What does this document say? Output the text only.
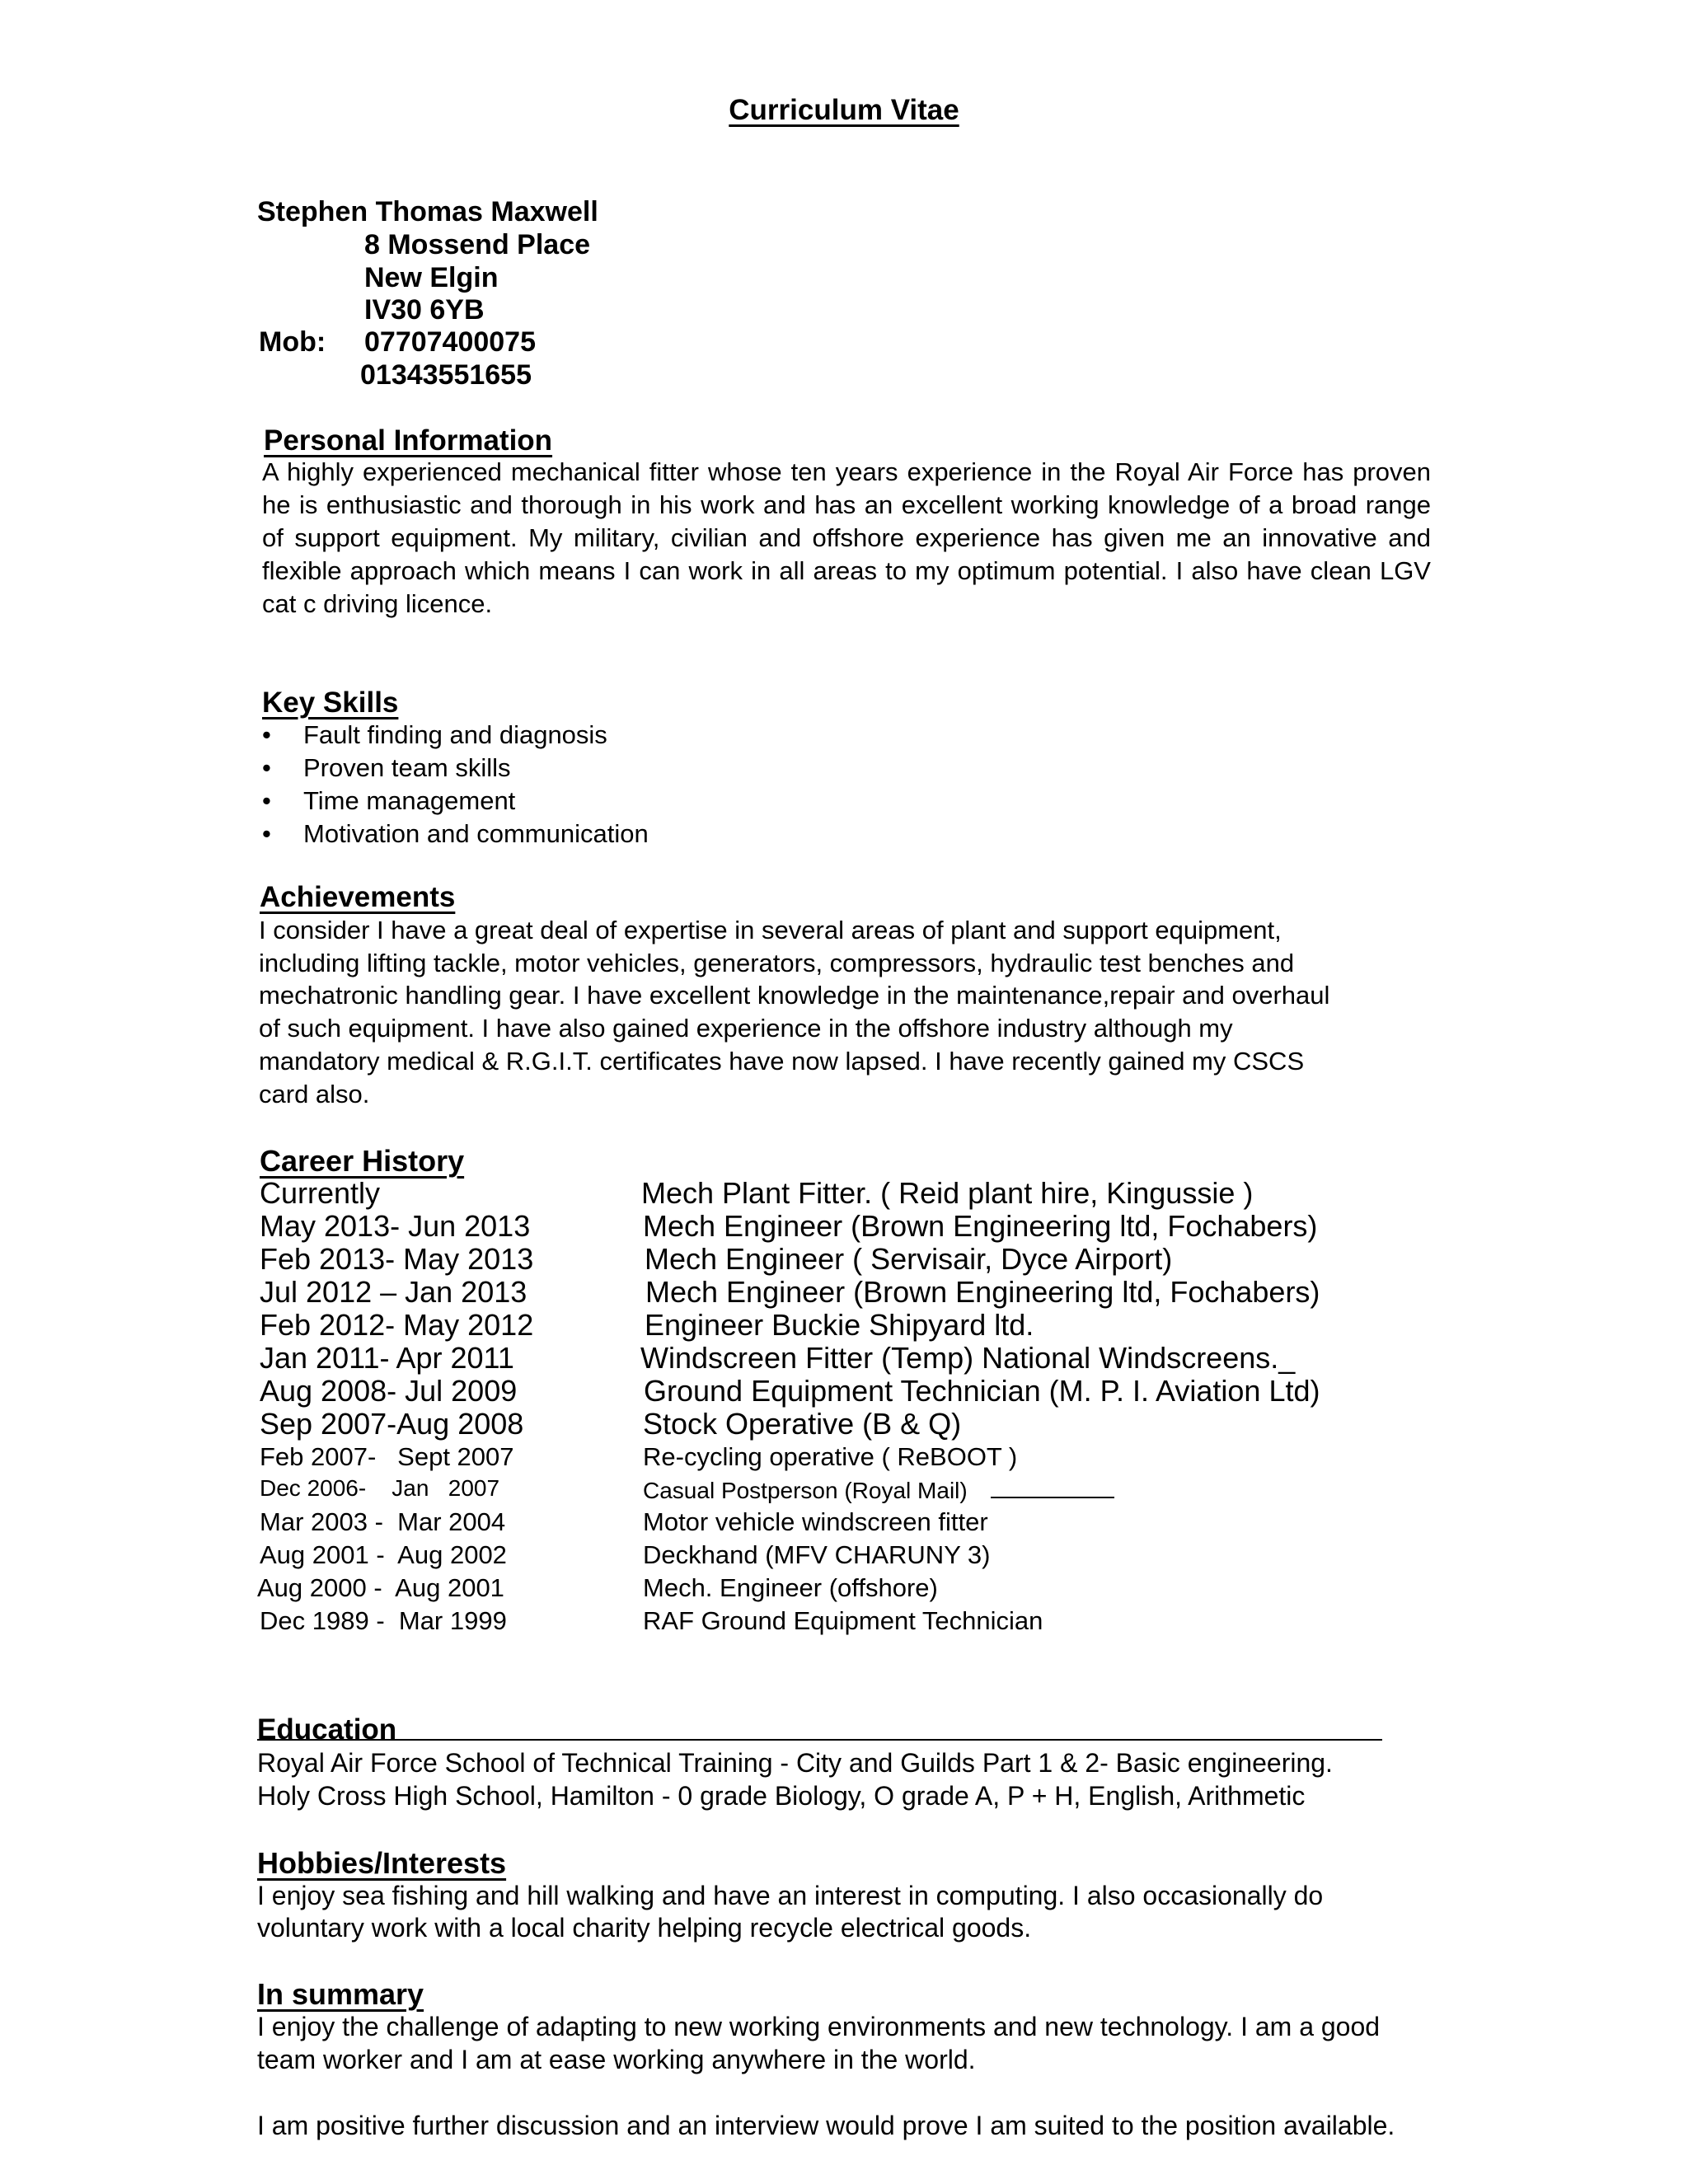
Curriculum Vitae
Stephen Thomas Maxwell
8 Mossend Place
New Elgin
IV30 6YB
Mob: 07707400075
01343551655
Personal Information

A highly experienced mechanical fitter whose ten years experience in the Royal Air Force has proven he is enthusiastic and thorough in his work and has an excellent working knowledge of a broad range of support equipment. My military, civilian and offshore experience has given me an innovative and flexible approach which means I can work in all areas to my optimum potential. I also have clean LGV cat c driving licence.

Key Skills
• Fault finding and diagnosis
• Proven team skills
• Time management
• Motivation and communication
Achievements
I consider I have a great deal of expertise in several areas of plant and support equipment,
including lifting tackle, motor vehicles, generators, compressors, hydraulic test benches and
mechatronic handling gear. I have excellent knowledge in the maintenance,repair and overhaul
of such equipment. I have also gained experience in the offshore industry although my
mandatory medical & R.G.I.T. certificates have now lapsed. I have recently gained my CSCS
card also.
Career History
Currently	Mech Plant Fitter. ( Reid plant hire, Kingussie )
May 2013- Jun 2013	Mech Engineer (Brown Engineering ltd, Fochabers)
Feb 2013- May 2013	Mech Engineer ( Servisair, Dyce Airport)
Jul 2012 – Jan 2013	Mech Engineer (Brown Engineering ltd, Fochabers)
Feb 2012- May 2012	Engineer Buckie Shipyard ltd.
Jan 2011- Apr 2011	Windscreen Fitter (Temp) National Windscreens._
Aug 2008- Jul 2009	Ground Equipment Technician (M. P. I. Aviation Ltd)
Sep 2007-Aug 2008	Stock Operative (B & Q)
Feb 2007-   Sept 2007	Re-cycling operative ( ReBOOT )
Dec 2006-    Jan   2007	Casual Postperson (Royal Mail)
Mar 2003 -  Mar 2004	Motor vehicle windscreen fitter
Aug 2001 -  Aug 2002	Deckhand (MFV CHARUNY 3)
Aug 2000 -  Aug 2001	Mech. Engineer (offshore)
Dec 1989 -  Mar 1999	RAF Ground Equipment Technician
Education
Royal Air Force School of Technical Training - City and Guilds Part 1 & 2- Basic engineering.
Holy Cross High School, Hamilton - 0 grade Biology, O grade A, P + H, English, Arithmetic
Hobbies/Interests
I enjoy sea fishing and hill walking and have an interest in computing. I also occasionally do
voluntary work with a local charity helping recycle electrical goods.
In summary
I enjoy the challenge of adapting to new working environments and new technology. I am a good
team worker and I am at ease working anywhere in the world.
I am positive further discussion and an interview would prove I am suited to the position available.
